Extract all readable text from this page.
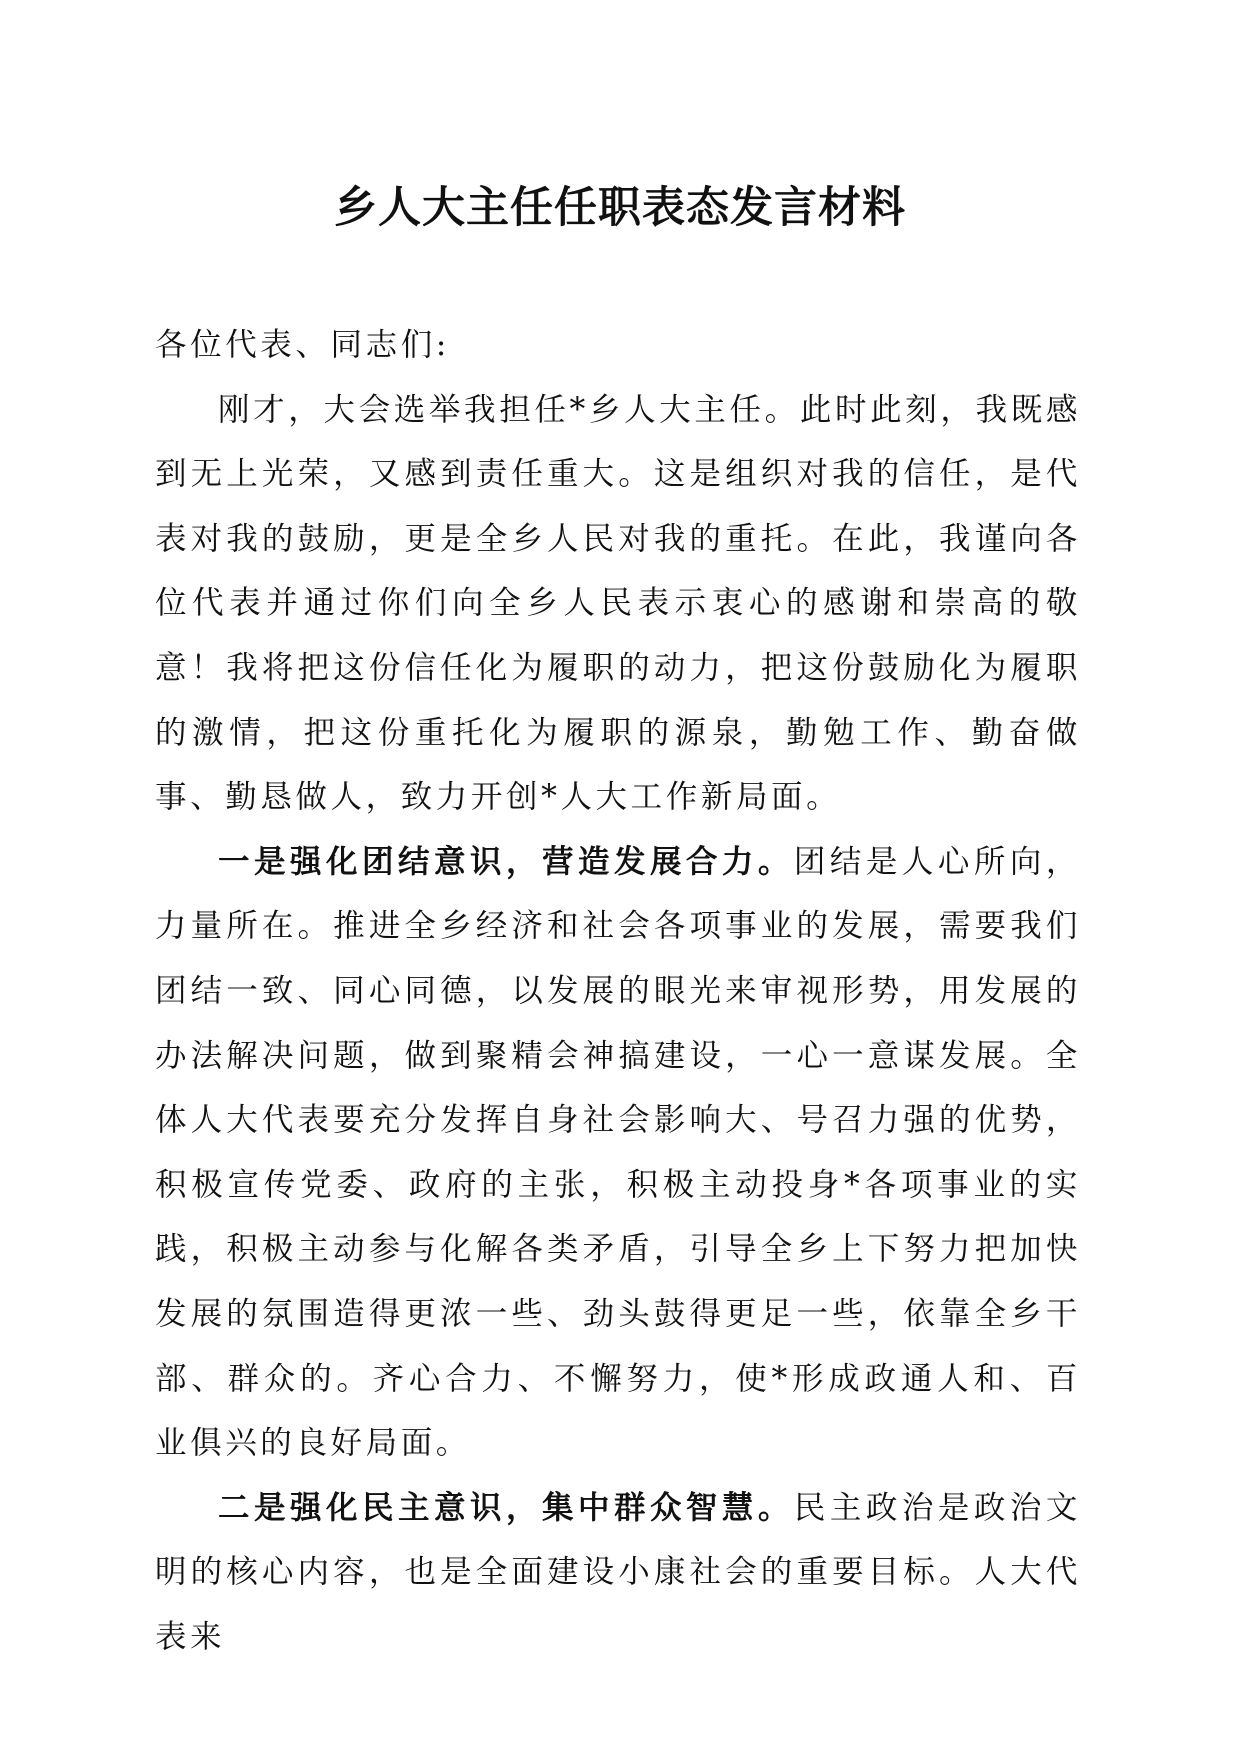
乡人大主任任职表态发言材料

各位代表、同志们:

刚才，大会选举我担任*乡人大主任。此时此刻，我既感到无上光荣，又感到责任重大。这是组织对我的信任，是代表对我的鼓励，更是全乡人民对我的重托。在此，我谨向各位代表并通过你们向全乡人民表示衷心的感谢和崇高的敬意！我将把这份信任化为履职的动力，把这份鼓励化为履职的激情，把这份重托化为履职的源泉，勤勉工作、勤奋做事、勤恳做人，致力开创*人大工作新局面。

一是强化团结意识，营造发展合力。团结是人心所向，力量所在。推进全乡经济和社会各项事业的发展，需要我们团结一致、同心同德，以发展的眼光来审视形势，用发展的办法解决问题，做到聚精会神搞建设，一心一意谋发展。全体人大代表要充分发挥自身社会影响大、号召力强的优势，积极宣传党委、政府的主张，积极主动投身*各项事业的实践，积极主动参与化解各类矛盾，引导全乡上下努力把加快发展的氛围造得更浓一些、劲头鼓得更足一些，依靠全乡干部、群众的。齐心合力、不懈努力，使*形成政通人和、百业俱兴的良好局面。

二是强化民主意识，集中群众智慧。民主政治是政治文明的核心内容，也是全面建设小康社会的重要目标。人大代表来
